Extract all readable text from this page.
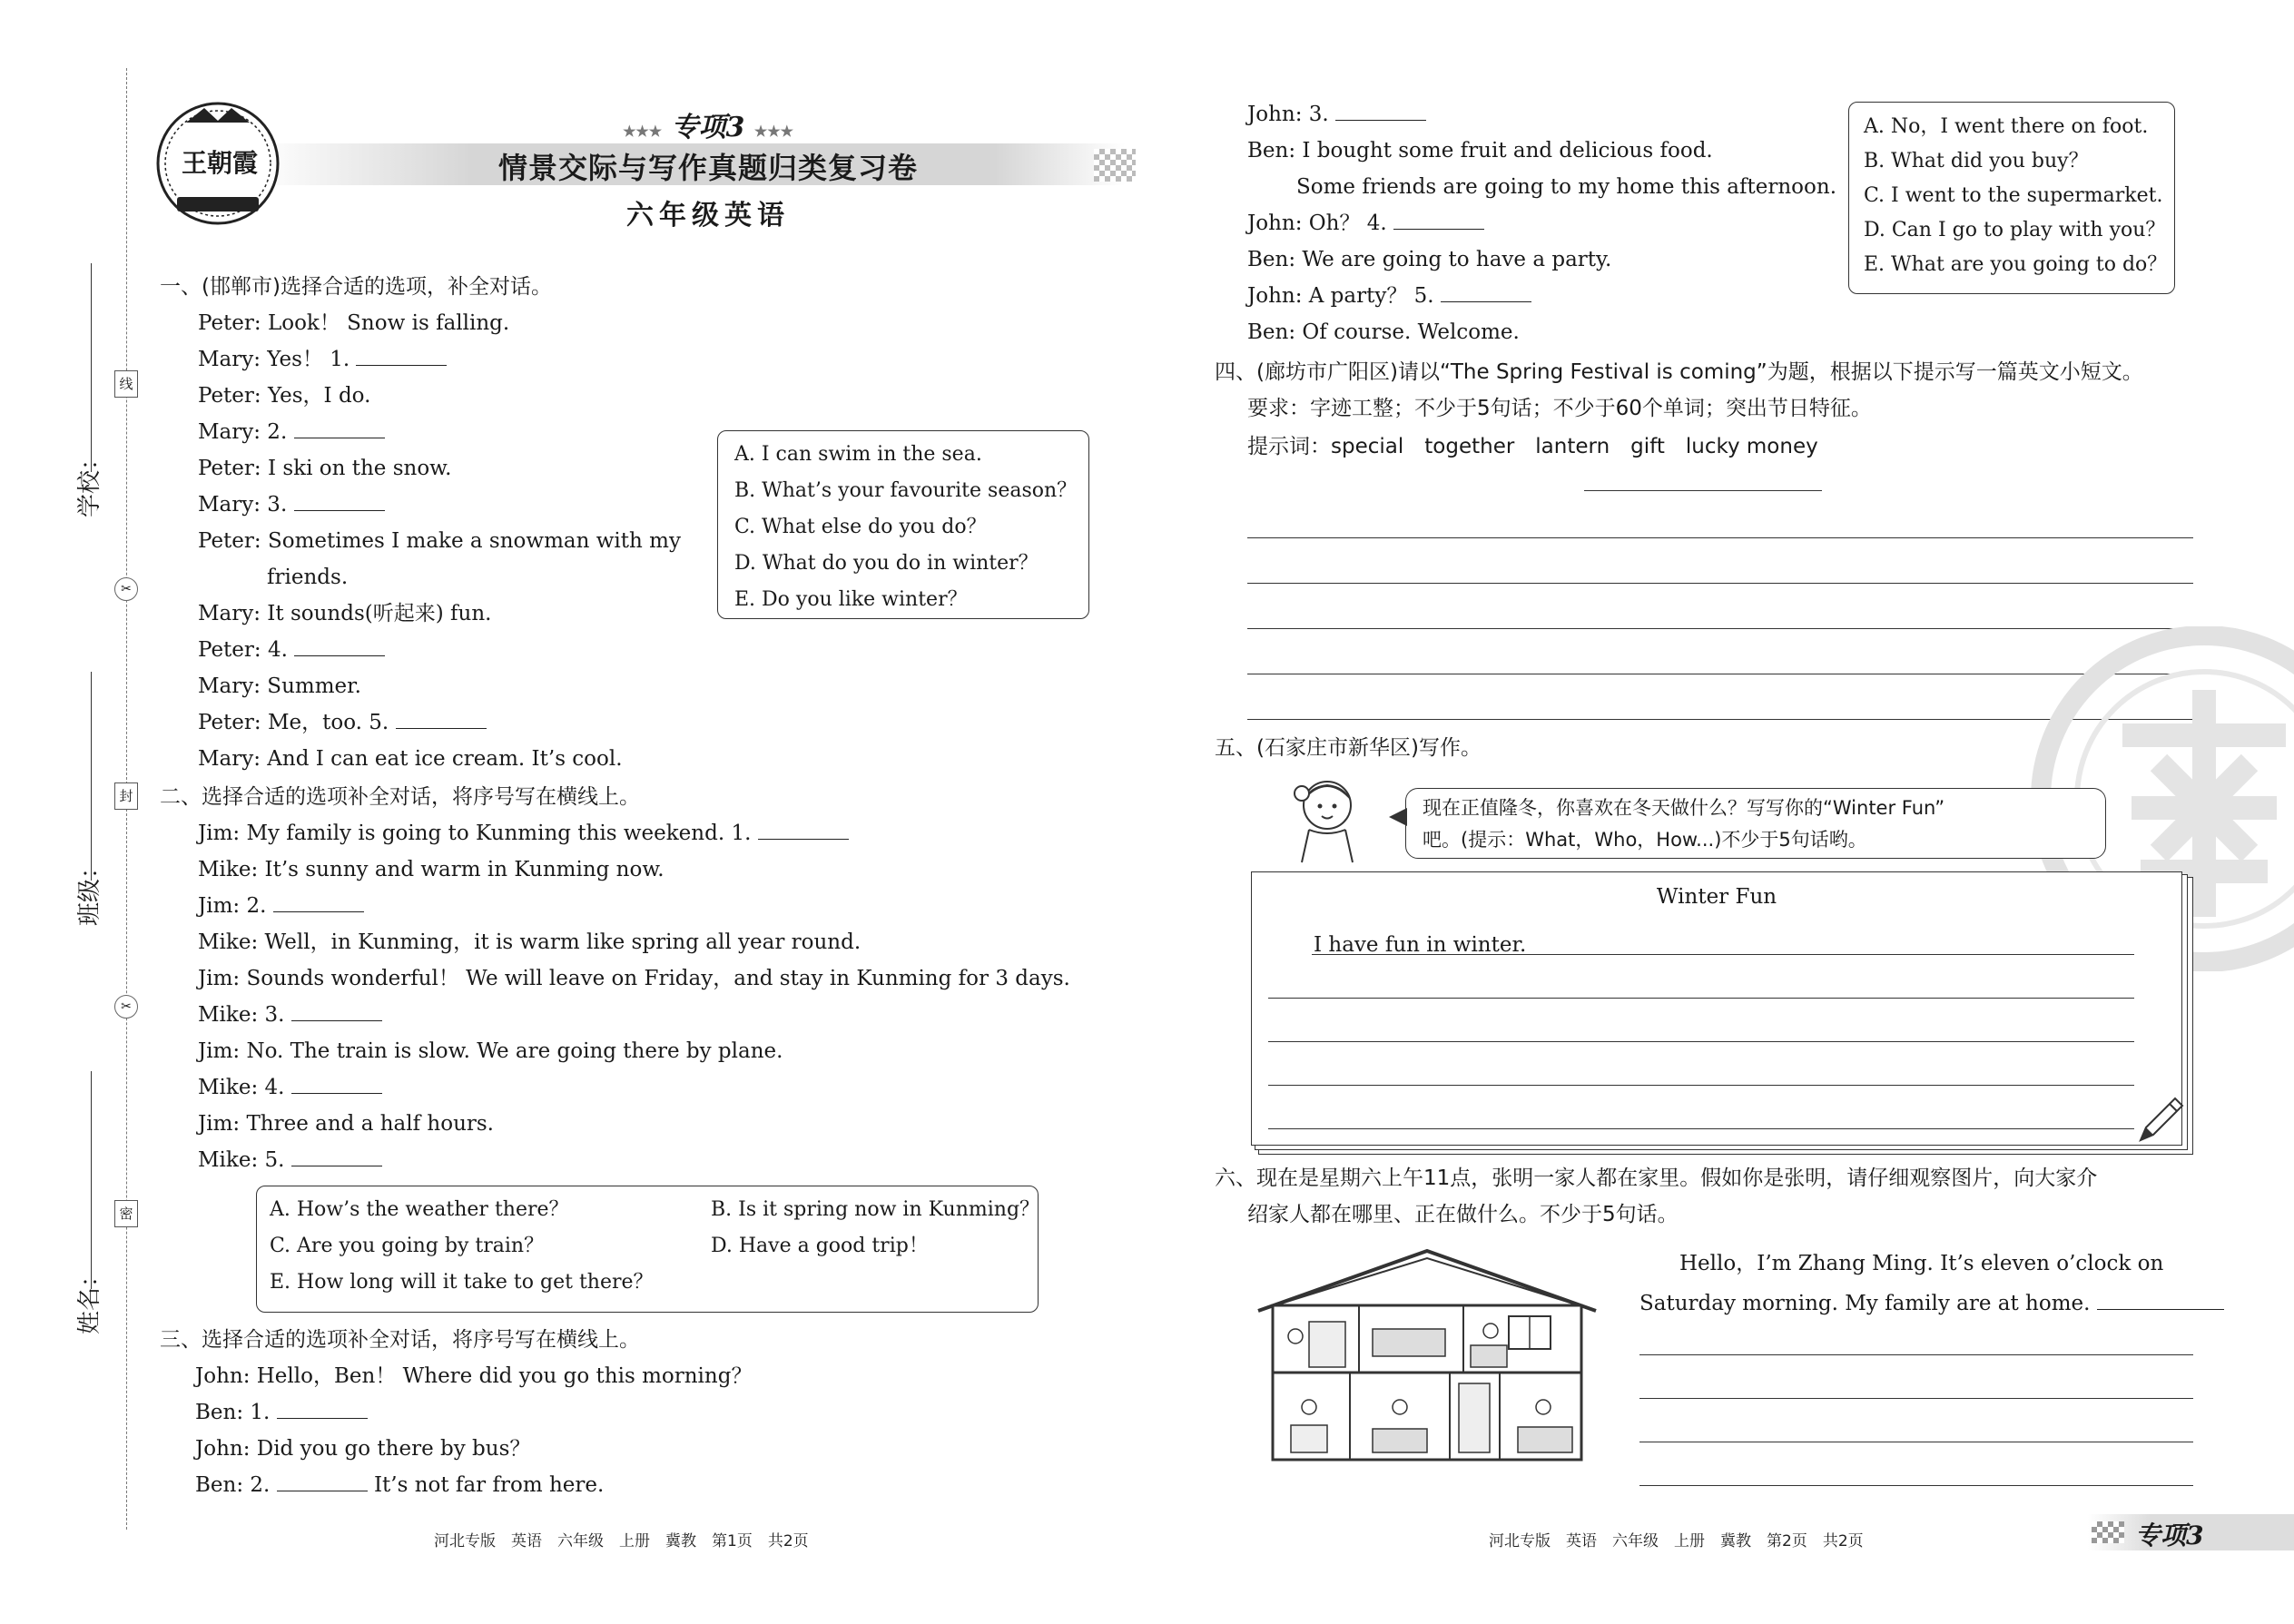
学校：
班级：
姓名：
线
封
密
✂
✂
王朝霞
★★★ 专项3 ★★★
情景交际与写作真题归类复习卷
六年级英语
一、(邯郸市)选择合适的选项，补全对话。
Peter: Look！ Snow is falling.
Mary: Yes！ 1.
Peter: Yes，I do.
Mary: 2.
Peter: I ski on the snow.
Mary: 3.
Peter: Sometimes I make a snowman with my
friends.
Mary: It sounds(听起来) fun.
Peter: 4.
Mary: Summer.
Peter: Me，too. 5.
Mary: And I can eat ice cream. It’s cool.
A. I can swim in the sea.
B. What’s your favourite season？
C. What else do you do？
D. What do you do in winter？
E. Do you like winter？
二、选择合适的选项补全对话，将序号写在横线上。
Jim: My family is going to Kunming this weekend. 1.
Mike: It’s sunny and warm in Kunming now.
Jim: 2.
Mike: Well，in Kunming，it is warm like spring all year round.
Jim: Sounds wonderful！ We will leave on Friday，and stay in Kunming for 3 days.
Mike: 3.
Jim: No. The train is slow. We are going there by plane.
Mike: 4.
Jim: Three and a half hours.
Mike: 5.
A. How’s the weather there？	B. Is it spring now in Kunming？
C. Are you going by train？	D. Have a good trip！
E. How long will it take to get there？
三、选择合适的选项补全对话，将序号写在横线上。
John: Hello，Ben！ Where did you go this morning？
Ben: 1.
John: Did you go there by bus？
Ben: 2.	It’s not far from here.
河北专版　英语　六年级　上册　冀教　第1页　共2页
John: 3.
Ben: I bought some fruit and delicious food.
Some friends are going to my home this afternoon.
John: Oh？ 4.
Ben: We are going to have a party.
John: A party？ 5.
Ben: Of course. Welcome.
A. No，I went there on foot.
B. What did you buy？
C. I went to the supermarket.
D. Can I go to play with you？
E. What are you going to do？
四、(廊坊市广阳区)请以“The Spring Festival is coming”为题，根据以下提示写一篇英文小短文。
要求：字迹工整；不少于5句话；不少于60个单词；突出节日特征。
提示词：special　together　lantern　gift　lucky money
五、(石家庄市新华区)写作。
现在正值隆冬，你喜欢在冬天做什么？写写你的“Winter Fun”
吧。(提示：What，Who，How...)不少于5句话哟。
Winter Fun
I have fun in winter.
六、现在是星期六上午11点，张明一家人都在家里。假如你是张明，请仔细观察图片，向大家介
绍家人都在哪里、正在做什么。不少于5句话。
Hello，I’m Zhang Ming. It’s eleven o’clock on
Saturday morning. My family are at home.
河北专版　英语　六年级　上册　冀教　第2页　共2页	专项3
